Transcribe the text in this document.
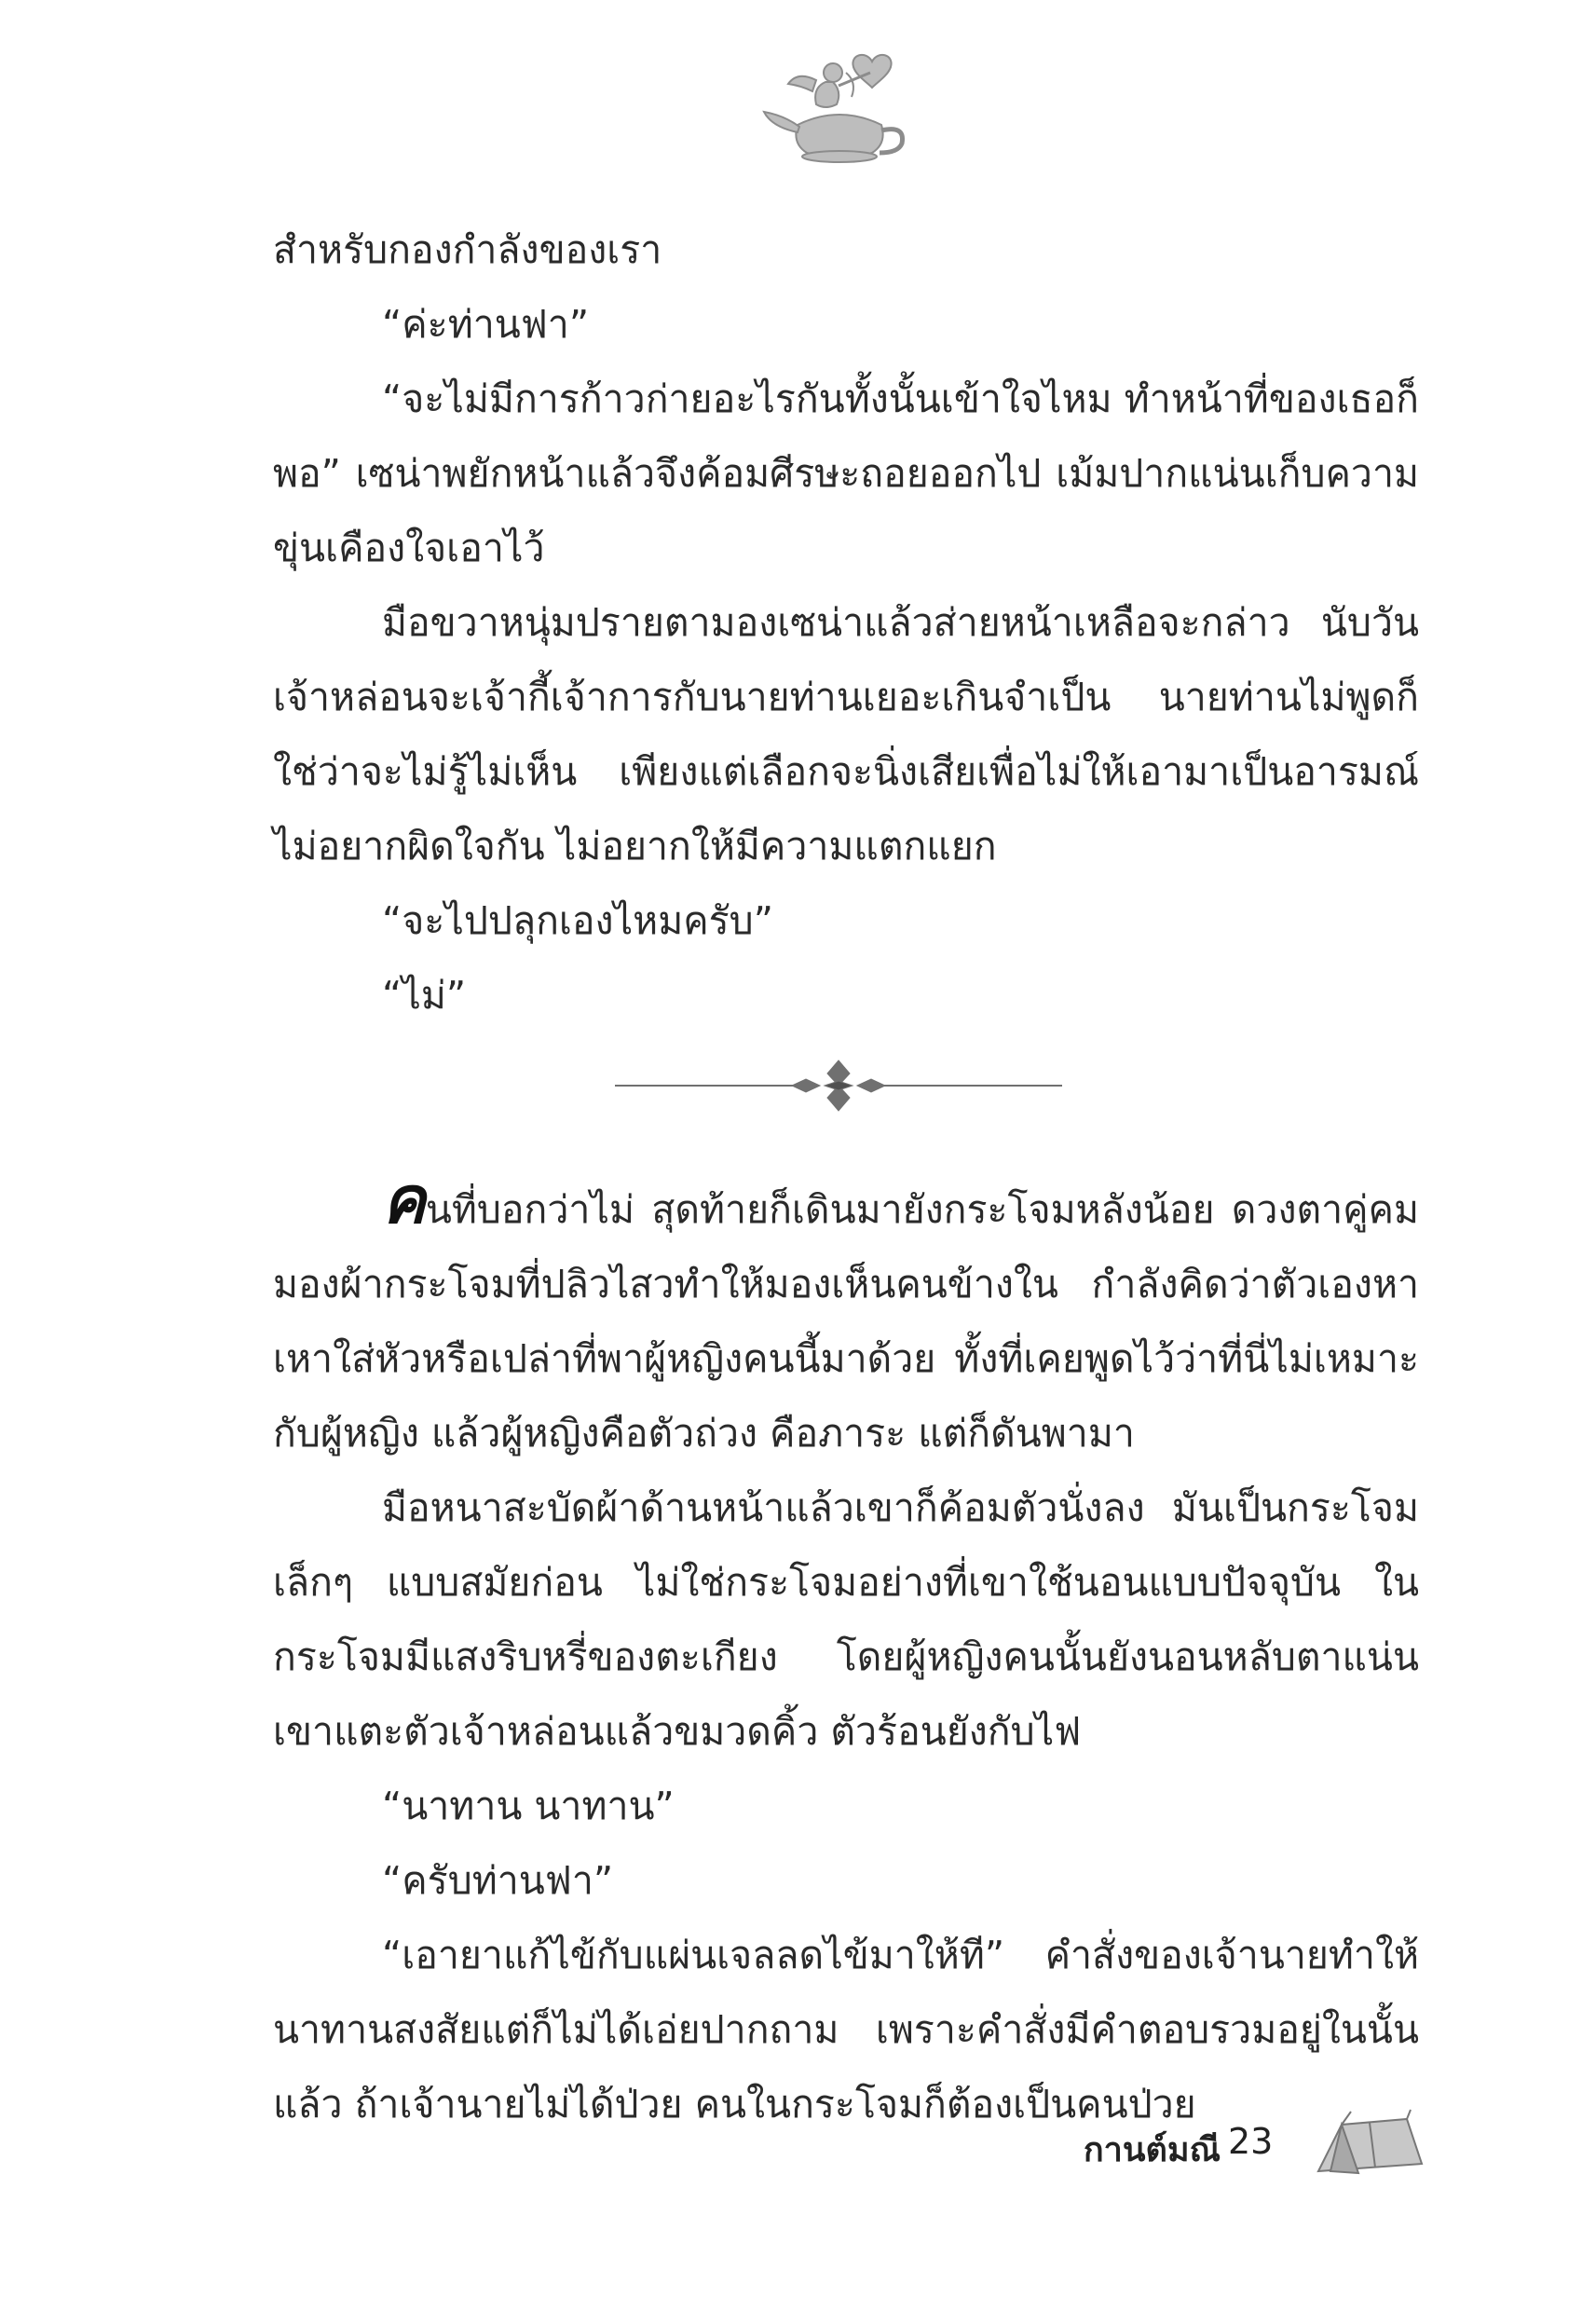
สำหรับกองกำลังของเรา

“ค่ะท่านฟา”

“จะไม่มีการก้าวก่ายอะไรกันทั้งนั้นเข้าใจไหม ทำหน้าที่ของเธอก็พอ” เซน่าพยักหน้าแล้วจึงค้อมศีรษะถอยออกไป เม้มปากแน่นเก็บความขุ่นเคืองใจเอาไว้

มือขวาหนุ่มปรายตามองเซน่าแล้วส่ายหน้าเหลือจะกล่าว นับวันเจ้าหล่อนจะเจ้ากี้เจ้าการกับนายท่านเยอะเกินจำเป็น นายท่านไม่พูดก็ใช่ว่าจะไม่รู้ไม่เห็น เพียงแต่เลือกจะนิ่งเสียเพื่อไม่ให้เอามาเป็นอารมณ์ ไม่อยากผิดใจกัน ไม่อยากให้มีความแตกแยก

“จะไปปลุกเองไหมครับ”

“ไม่”

คนที่บอกว่าไม่ สุดท้ายก็เดินมายังกระโจมหลังน้อย ดวงตาคู่คมมองผ้ากระโจมที่ปลิวไสวทำให้มองเห็นคนข้างใน กำลังคิดว่าตัวเองหาเหาใส่หัวหรือเปล่าที่พาผู้หญิงคนนี้มาด้วย ทั้งที่เคยพูดไว้ว่าที่นี่ไม่เหมาะกับผู้หญิง แล้วผู้หญิงคือตัวถ่วง คือภาระ แต่ก็ดันพามา

มือหนาสะบัดผ้าด้านหน้าแล้วเขาก็ค้อมตัวนั่งลง มันเป็นกระโจมเล็กๆ แบบสมัยก่อน ไม่ใช่กระโจมอย่างที่เขาใช้นอนแบบปัจจุบัน ในกระโจมมีแสงริบหรี่ของตะเกียง โดยผู้หญิงคนนั้นยังนอนหลับตาแน่น เขาแตะตัวเจ้าหล่อนแล้วขมวดคิ้ว ตัวร้อนยังกับไฟ

“นาทาน นาทาน”

“ครับท่านฟา”

“เอายาแก้ไข้กับแผ่นเจลลดไข้มาให้ที” คำสั่งของเจ้านายทำให้นาทานสงสัยแต่ก็ไม่ได้เอ่ยปากถาม เพราะคำสั่งมีคำตอบรวมอยู่ในนั้นแล้ว ถ้าเจ้านายไม่ได้ป่วย คนในกระโจมก็ต้องเป็นคนป่วย

กานต์มณี 23
